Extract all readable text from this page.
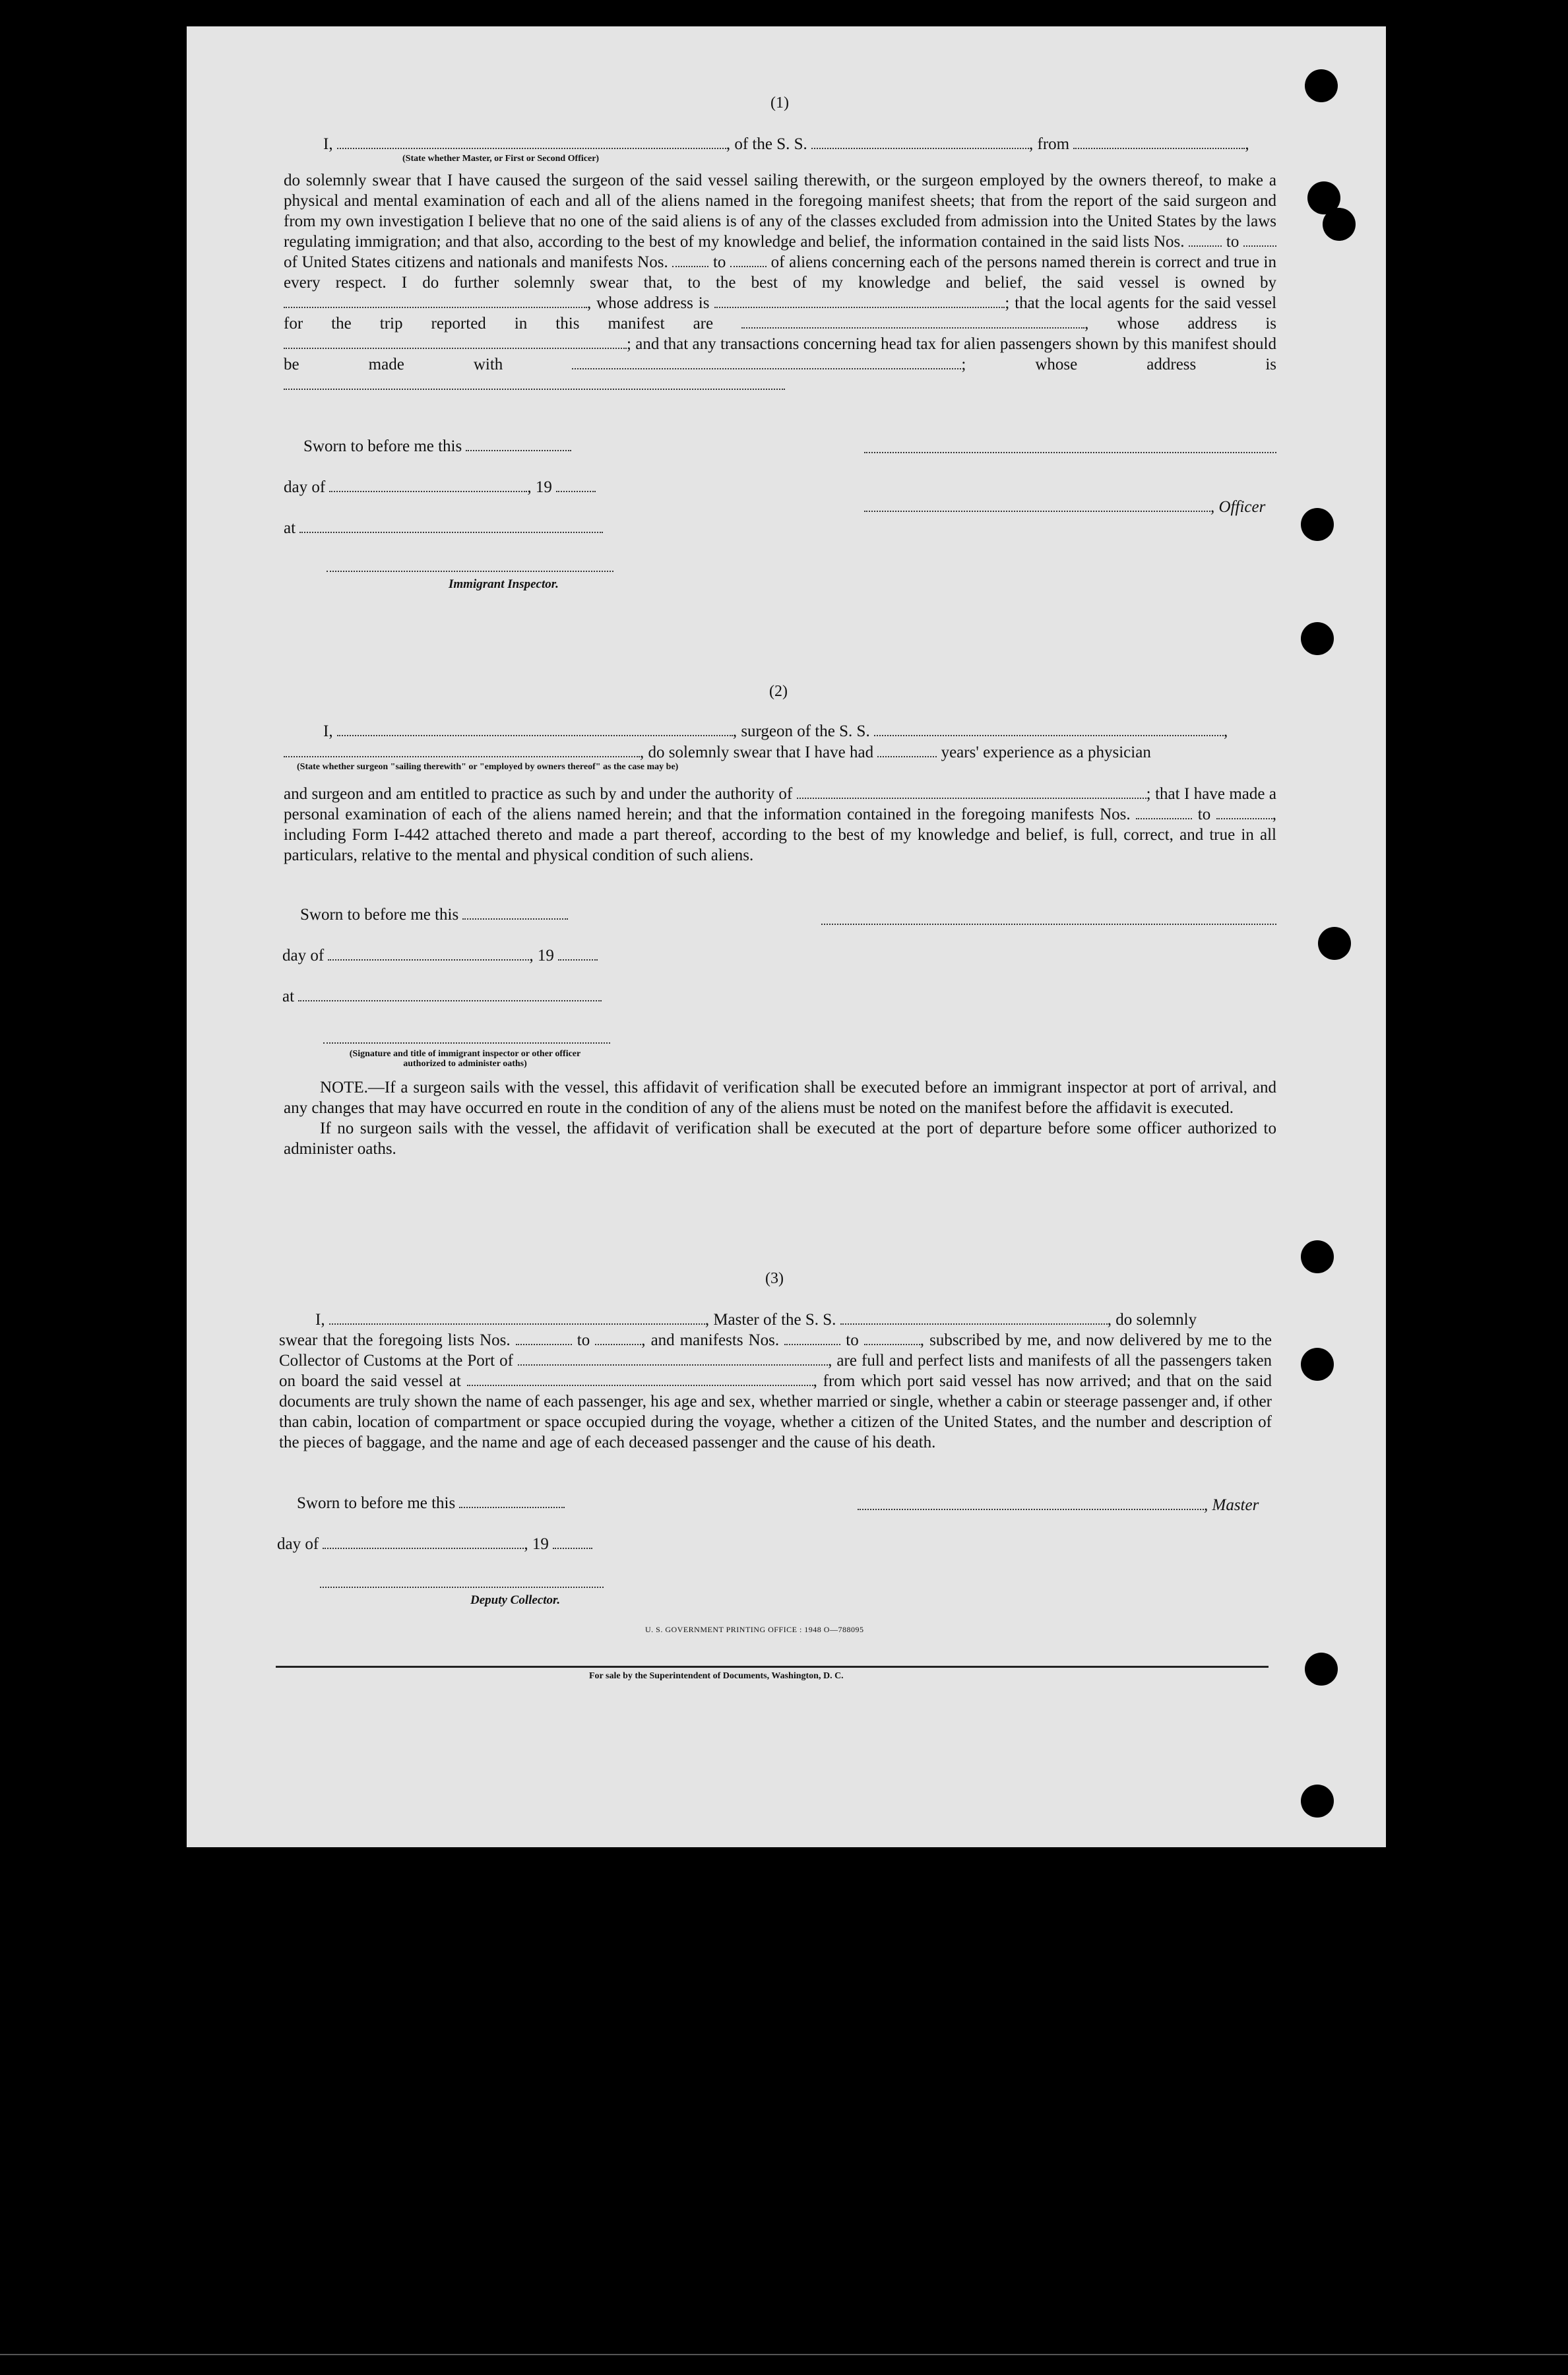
(1)
I,	, of the S. S.	, from	,
(State whether Master, or First or Second Officer)

do solemnly swear that I have caused the surgeon of the said vessel sailing therewith, or the surgeon employed by the owners thereof, to make a physical and mental examination of each and all of the aliens named in the foregoing manifest sheets; that from the report of the said surgeon and from my own investigation I believe that no one of the said aliens is of any of the classes excluded from admission into the United States by the laws regulating immigration; and that also, according to the best of my knowledge and belief, the information contained in the said lists Nos.	to  of United States citizens and nationals and manifests Nos.	to	of aliens concerning each of the persons named therein is correct and true in every respect. I do further solemnly swear that, to the best of my knowledge and belief, the said vessel is owned by , whose address is	; that the local agents for the said vessel for the trip reported in this manifest are	, whose address is ; and that any transactions concerning head tax for alien passengers shown by this manifest should be made with	; whose address is

Sworn to before me this
day of	, 19
at
Immigrant Inspector.
, Officer
(2)
I,	, surgeon of the S. S.	,
, do solemnly swear that I have had	years' experience as a physician
(State whether surgeon "sailing therewith" or "employed by owners thereof" as the case may be)

and surgeon and am entitled to practice as such by and under the authority of	; that I have made a personal examination of each of the aliens named herein; and that the information contained in the foregoing manifests Nos.	to	, including Form I-442 attached thereto and made a part thereof, according to the best of my knowledge and belief, is full, correct, and true in all particulars, relative to the mental and physical condition of such aliens.

Sworn to before me this
day of	, 19
at
(Signature and title of immigrant inspector or other officer authorized to administer oaths)

NOTE.—If a surgeon sails with the vessel, this affidavit of verification shall be executed before an immigrant inspector at port of arrival, and any changes that may have occurred en route in the condition of any of the aliens must be noted on the manifest before the affidavit is executed.

If no surgeon sails with the vessel, the affidavit of verification shall be executed at the port of departure before some officer authorized to administer oaths.

(3)

I,	, Master of the S. S.	, do solemnly

swear that the foregoing lists Nos.	to	, and manifests Nos.	to	, subscribed by me, and now delivered by me to the Collector of Customs at the Port of	, are full and perfect lists and manifests of all the passengers taken on board the said vessel at	, from which port said vessel has now arrived; and that on the said documents are truly shown the name of each passenger, his age and sex, whether married or single, whether a cabin or steerage passenger and, if other than cabin, location of compartment or space occupied during the voyage, whether a citizen of the United States, and the number and description of the pieces of baggage, and the name and age of each deceased passenger and the cause of his death.

Sworn to before me this
day of	, 19
Deputy Collector.
, Master
U. S. GOVERNMENT PRINTING OFFICE : 1948 O—788095
For sale by the Superintendent of Documents, Washington, D. C.
